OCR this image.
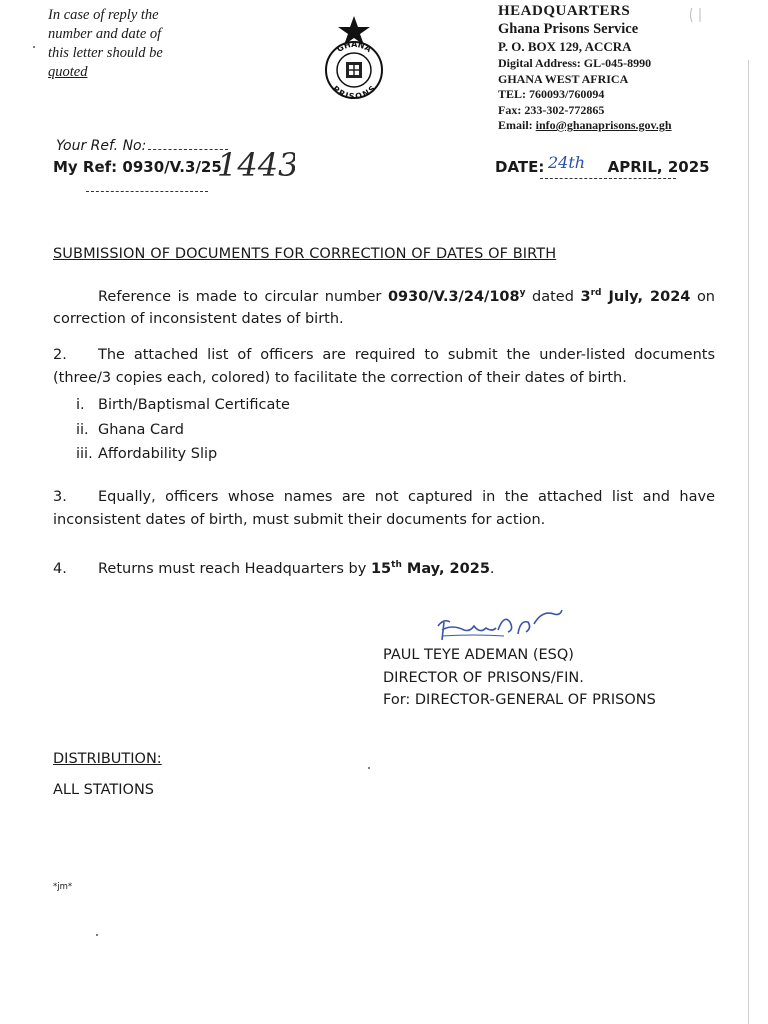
In case of reply the
number and date of
this letter should be
quoted
GHANA
PRISONS
HEADQUARTERS
Ghana Prisons Service
P. O. BOX 129, ACCRA
Digital Address: GL-045-8990
GHANA WEST AFRICA
TEL: 760093/760094
Fax: 233-302-772865
Email: info@ghanaprisons.gov.gh
Your Ref. No:
My Ref: 0930/V.3/25
1443	DATE:	APRIL, 2025
24th
SUBMISSION OF DOCUMENTS FOR CORRECTION OF DATES OF BIRTH
Reference is made to circular number 0930/V.3/24/108$^y$ dated 3rd July, 2024 on correction of inconsistent dates of birth.
2. The attached list of officers are required to submit the under-listed documents (three/3 copies each, colored) to facilitate the correction of their dates of birth.
i. Birth/Baptismal Certificate
ii. Ghana Card
iii. Affordability Slip
3. Equally, officers whose names are not captured in the attached list and have inconsistent dates of birth, must submit their documents for action.
4. Returns must reach Headquarters by 15th May, 2025.
PAUL TEYE ADEMAN (ESQ)
DIRECTOR OF PRISONS/FIN.
For: DIRECTOR-GENERAL OF PRISONS
DISTRIBUTION:
ALL STATIONS
*jm*
